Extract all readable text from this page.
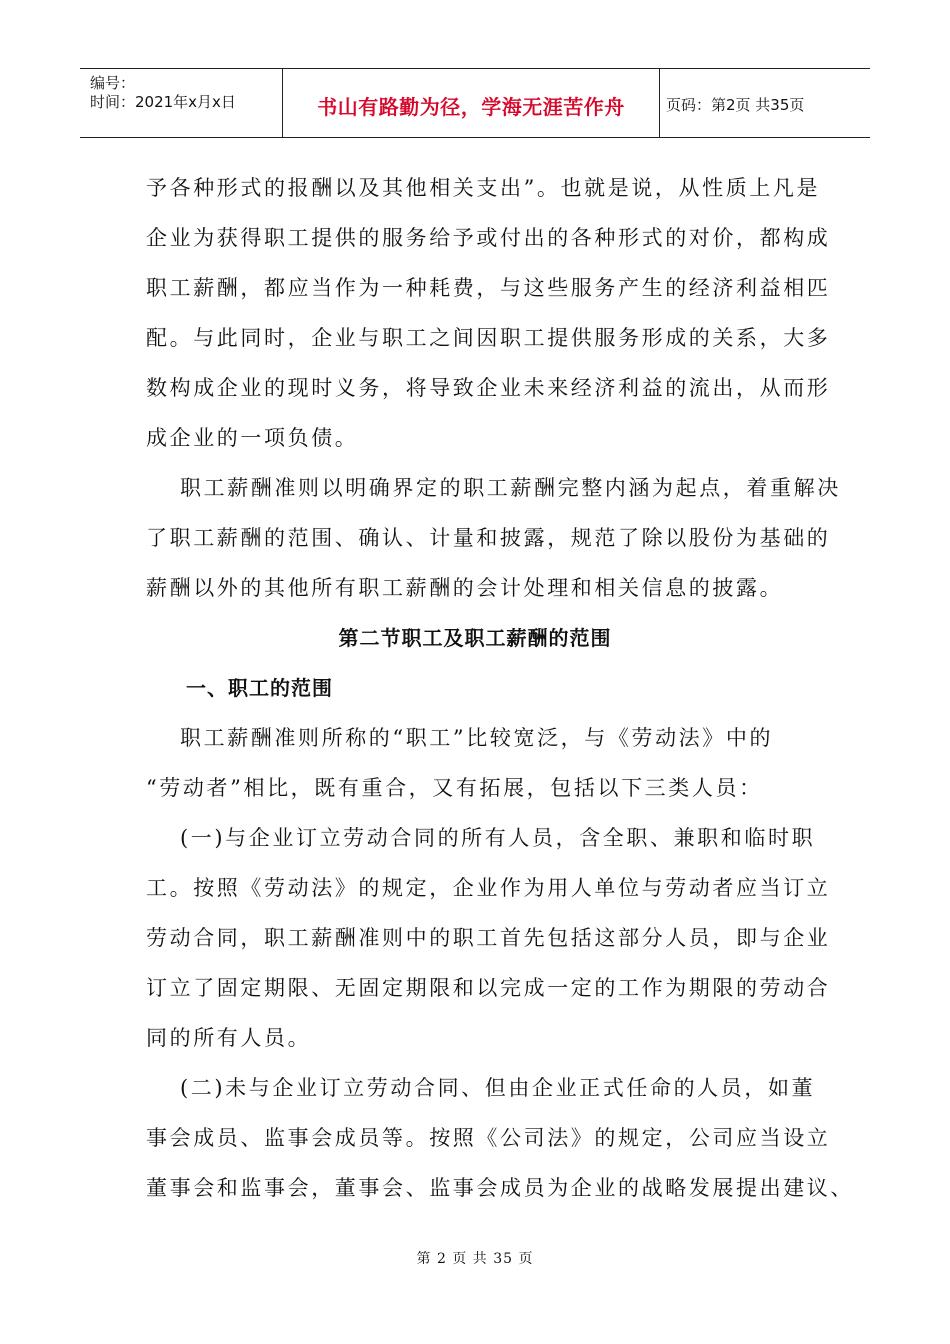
编号：
时间：2021年x月x日	书山有路勤为径，学海无涯苦作舟	页码：第2页 共35页
予各种形式的报酬以及其他相关支出”。也就是说，从性质上凡是
企业为获得职工提供的服务给予或付出的各种形式的对价，都构成
职工薪酬，都应当作为一种耗费，与这些服务产生的经济利益相匹
配。与此同时，企业与职工之间因职工提供服务形成的关系，大多
数构成企业的现时义务，将导致企业未来经济利益的流出，从而形
成企业的一项负债。
职工薪酬准则以明确界定的职工薪酬完整内涵为起点，着重解决
了职工薪酬的范围、确认、计量和披露，规范了除以股份为基础的
薪酬以外的其他所有职工薪酬的会计处理和相关信息的披露。
第二节职工及职工薪酬的范围
一、职工的范围
职工薪酬准则所称的“职工”比较宽泛，与《劳动法》中的
“劳动者”相比，既有重合，又有拓展，包括以下三类人员：
(一)与企业订立劳动合同的所有人员，含全职、兼职和临时职
工。按照《劳动法》的规定，企业作为用人单位与劳动者应当订立
劳动合同，职工薪酬准则中的职工首先包括这部分人员，即与企业
订立了固定期限、无固定期限和以完成一定的工作为期限的劳动合
同的所有人员。
(二)未与企业订立劳动合同、但由企业正式任命的人员，如董
事会成员、监事会成员等。按照《公司法》的规定，公司应当设立
董事会和监事会，董事会、监事会成员为企业的战略发展提出建议、
第 2 页 共 35 页
